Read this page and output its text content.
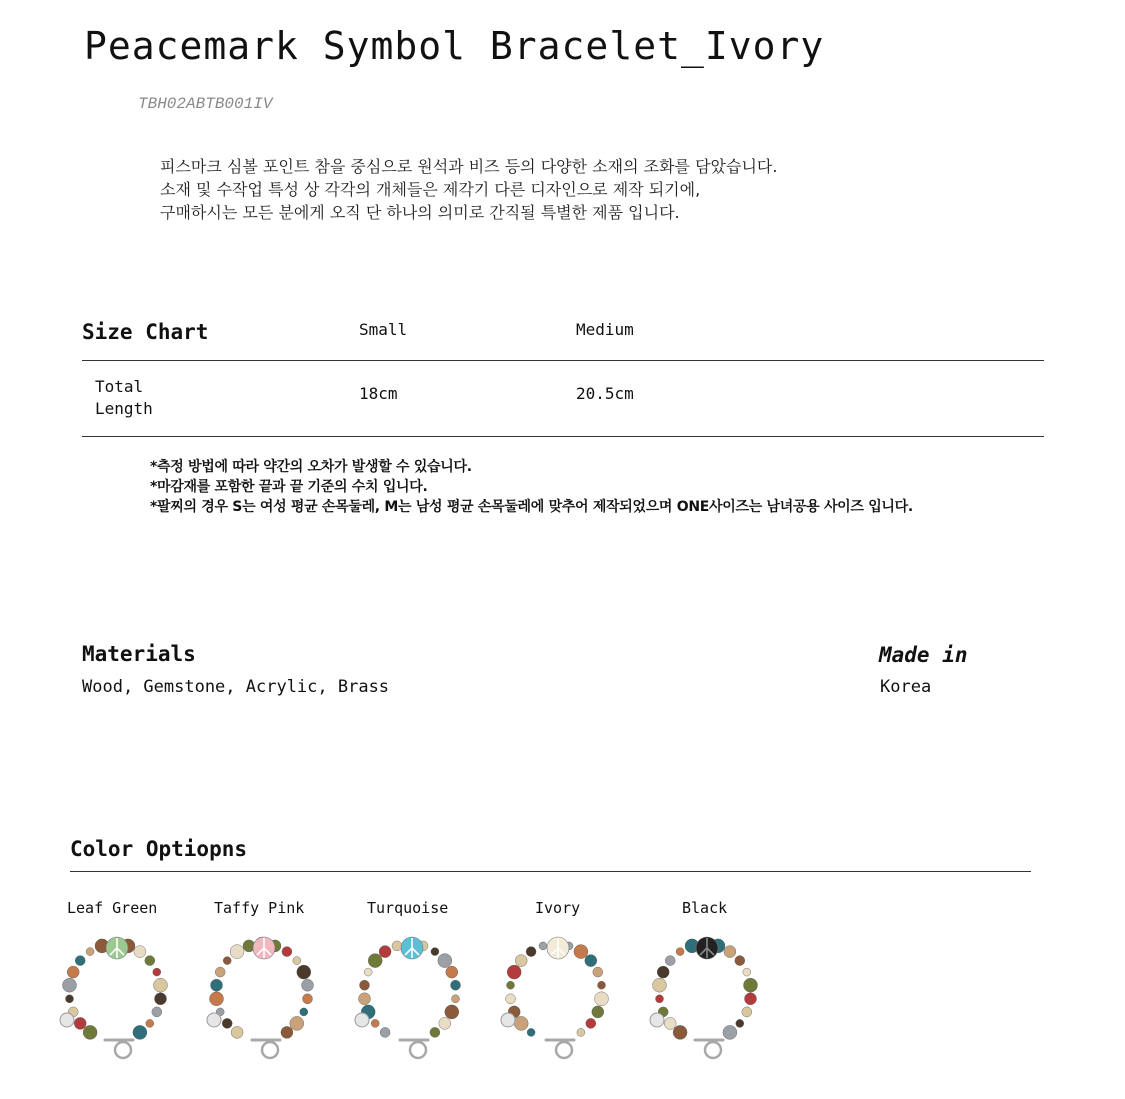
Peacemark Symbol Bracelet_Ivory
TBH02ABTB001IV
피스마크 심볼 포인트 참을 중심으로 원석과 비즈 등의 다양한 소재의 조화를 담았습니다.
소재 및 수작업 특성 상 각각의 개체들은 제각기 다른 디자인으로 제작 되기에,
구매하시는 모든 분에게 오직 단 하나의 의미로 간직될 특별한 제품 입니다.
Size Chart	Small	Medium
Total
Length
18cm	20.5cm
*측정 방법에 따라 약간의 오차가 발생할 수 있습니다.
*마감재를 포함한 끝과 끝 기준의 수치 입니다.
*팔찌의 경우 S는 여성 평균 손목둘레, M는 남성 평균 손목둘레에 맞추어 제작되었으며 ONE사이즈는 남녀공용 사이즈 입니다.
Materials
Wood, Gemstone, Acrylic, Brass
Made in
Korea
Color Optiopns
Leaf Green	Taffy Pink	Turquoise	Ivory	Black
